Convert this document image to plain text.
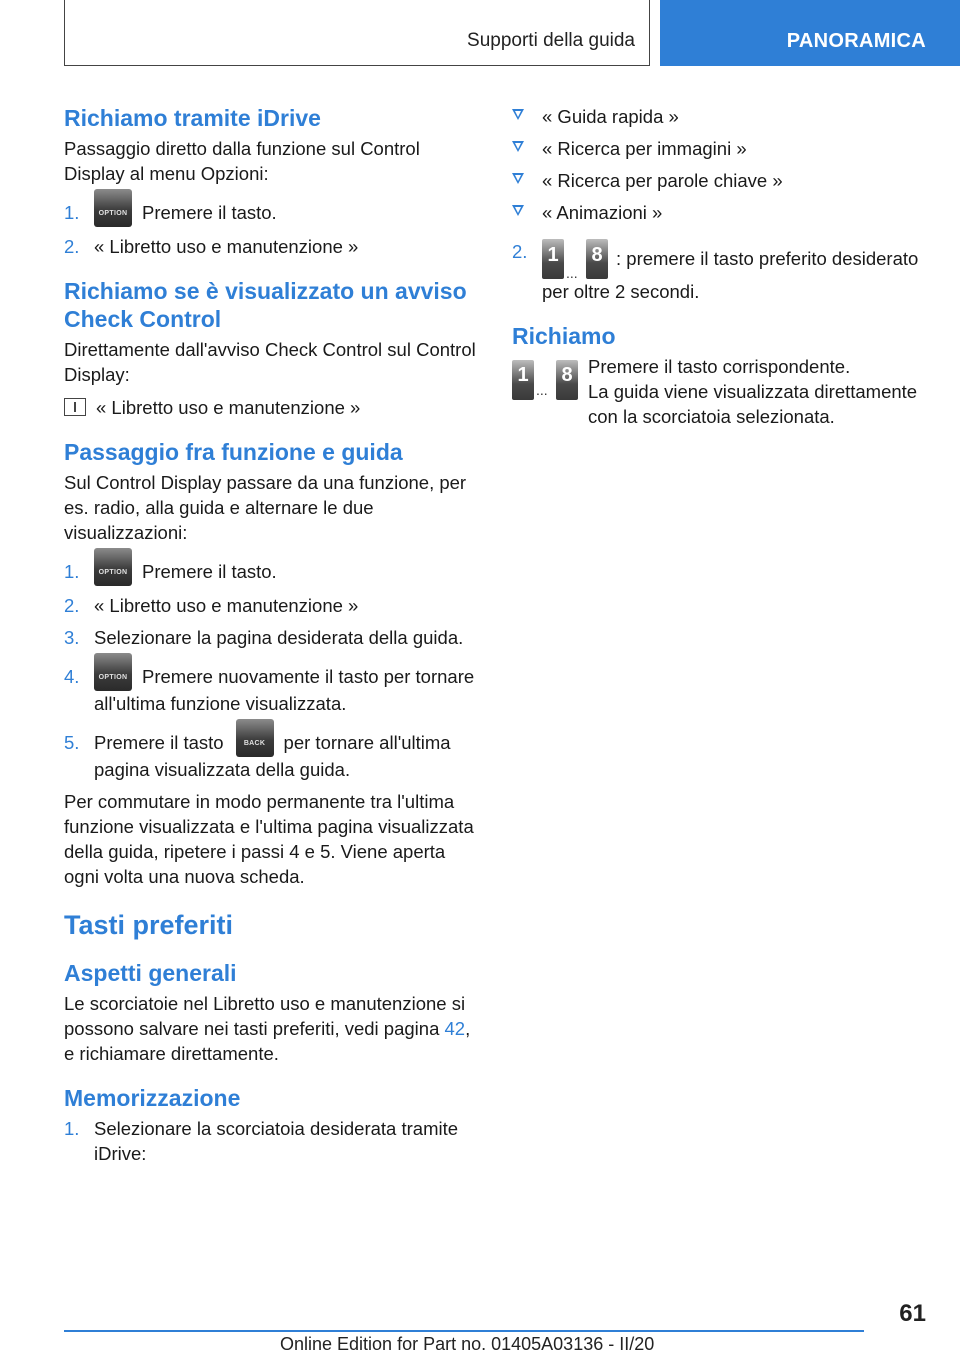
Supporti della guida	PANORAMICA
Richiamo tramite iDrive

Passaggio diretto dalla funzione sul Control Display al menu Opzioni:

1.	OPTION Premere il tasto.
2. « Libretto uso e manutenzione »
Richiamo se è visualizzato un avviso Check Control

Direttamente dall'avviso Check Control sul Control Display:

« Libretto uso e manutenzione »

Passaggio fra funzione e guida

Sul Control Display passare da una funzione, per es. radio, alla guida e alternare le due visualizzazioni:

1.	OPTION Premere il tasto.
2. « Libretto uso e manutenzione »
3. Selezionare la pagina desiderata della guida.
4.	OPTION Premere nuovamente il tasto per tornare all'ultima funzione visualizzata.
5. Premere il tasto	BACK per tornare all'ultima pagina visualizzata della guida.

Per commutare in modo permanente tra l'ultima funzione visualizzata e l'ultima pagina visualizzata della guida, ripetere i passi 4 e 5. Viene aperta ogni volta una nuova scheda.

Tasti preferiti
Aspetti generali

Le scorciatoie nel Libretto uso e manutenzione si possono salvare nei tasti preferiti, vedi pagina 42, e richiamare direttamente.

Memorizzazione
1. Selezionare la scorciatoia desiderata tramite iDrive:
« Guida rapida »
« Ricerca per immagini »
« Ricerca per parole chiave »
« Animazioni »
2. 1
...
8 : premere il tasto preferito desiderato per oltre 2 secondi.
Richiamo
1
...
8 Premere il tasto corrispondente.

La guida viene visualizzata direttamente con la scorciatoia selezionata.

61
Online Edition for Part no. 01405A03136 - II/20
